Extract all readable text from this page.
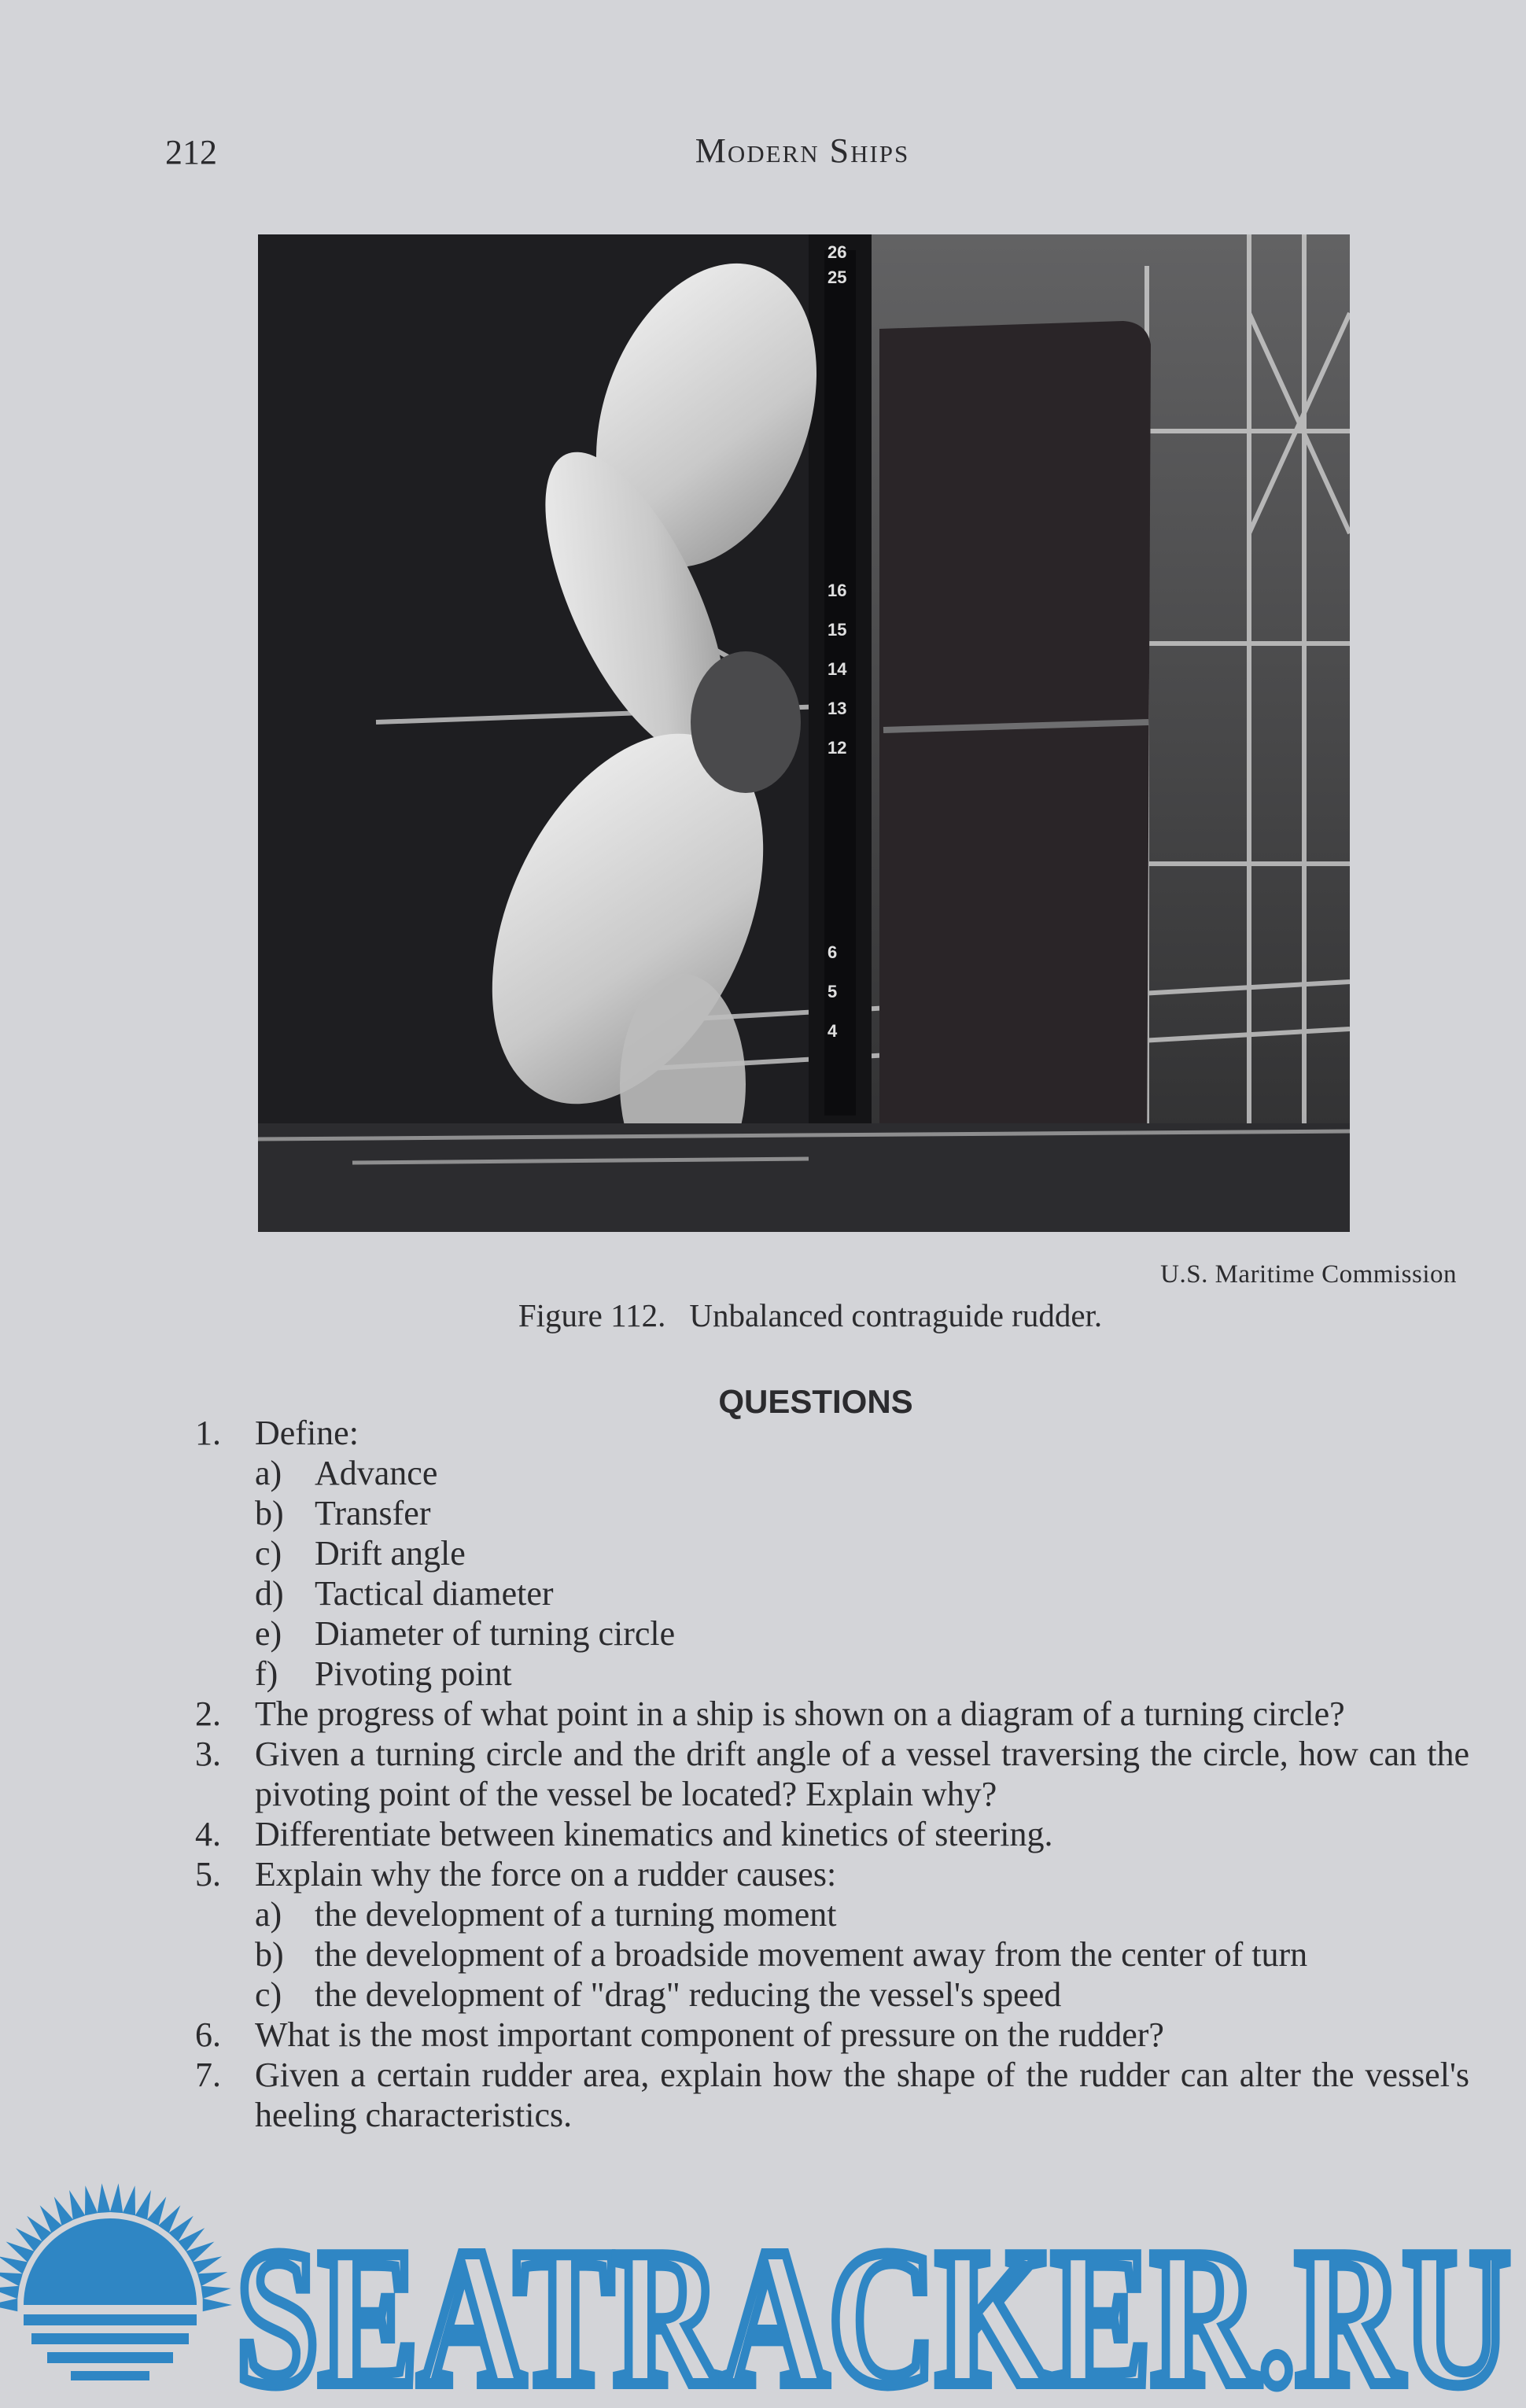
212	Modern Ships
26
25
16
15
14
13
12
6
5
4
U.S. Maritime Commission
Figure 112. Unbalanced contraguide rudder.
QUESTIONS
1. Define:
a) Advance
b) Transfer
c) Drift angle
d) Tactical diameter
e) Diameter of turning circle
f) Pivoting point
2. The progress of what point in a ship is shown on a diagram of a turning circle?
3. Given a turning circle and the drift angle of a vessel traversing the circle, how can the pivoting point of the vessel be located? Explain why?
4. Differentiate between kinematics and kinetics of steering.
5. Explain why the force on a rudder causes:
a) the development of a turning moment
b) the development of a broadside movement away from the center of turn
c) the development of "drag" reducing the vessel's speed
6. What is the most important component of pressure on the rudder?
7. Given a certain rudder area, explain how the shape of the rudder can alter the vessel's heeling characteristics.
SEATRACKER.RU
